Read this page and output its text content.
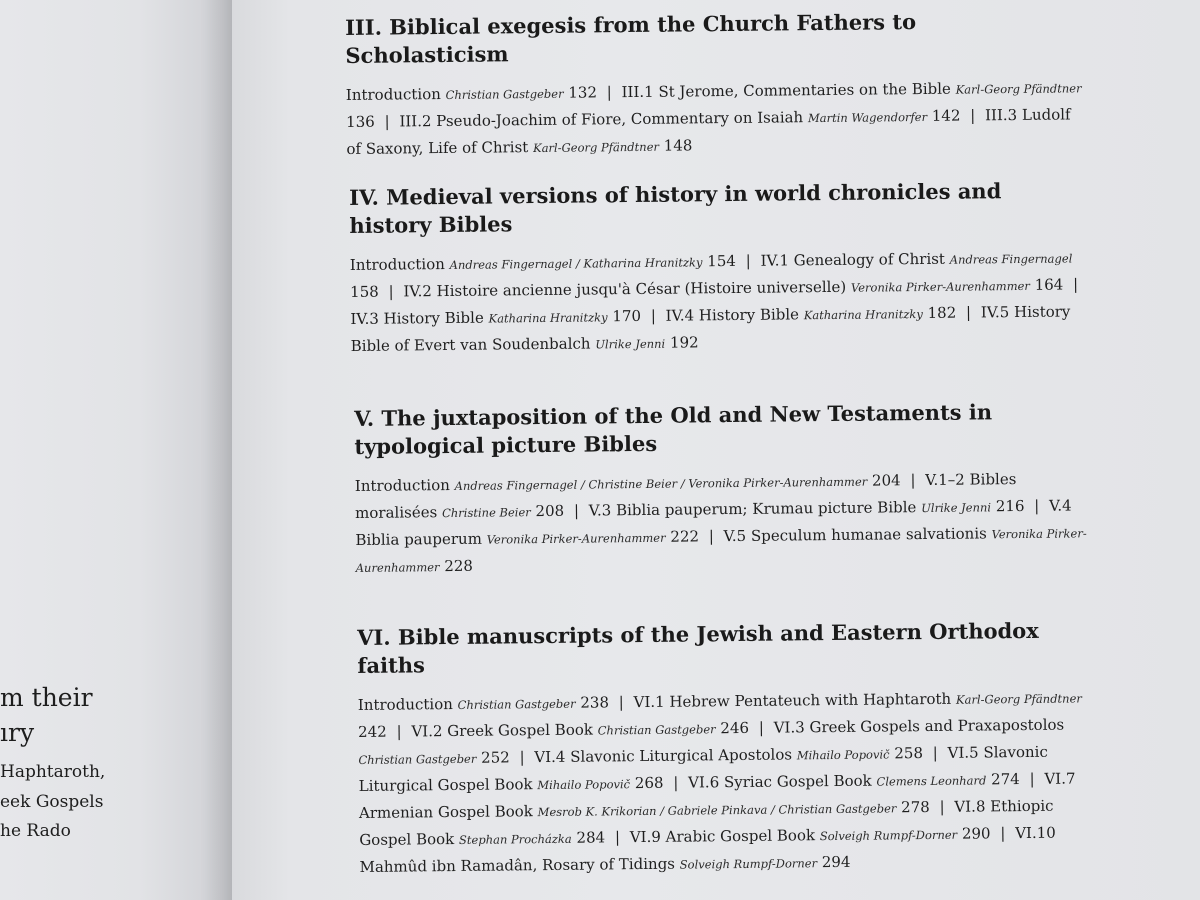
m their
ıry
Haphtaroth,
eek Gospels
he Rado
III. Biblical exegesis from the Church Fathers to Scholasticism
Introduction Christian Gastgeber 132 | III.1 St Jerome, Commentaries on the Bible Karl-Georg Pfändtner 136 | III.2 Pseudo-Joachim of Fiore, Commentary on Isaiah Martin Wagendorfer 142 | III.3 Ludolf of Saxony, Life of Christ Karl-Georg Pfändtner 148
IV. Medieval versions of history in world chronicles and history Bibles
Introduction Andreas Fingernagel / Katharina Hranitzky 154 | IV.1 Genealogy of Christ Andreas Fingernagel 158 | IV.2 Histoire ancienne jusqu'à César (Histoire universelle) Veronika Pirker-Aurenhammer 164 | IV.3 History Bible Katharina Hranitzky 170 | IV.4 History Bible Katharina Hranitzky 182 | IV.5 History Bible of Evert van Soudenbalch Ulrike Jenni 192
V. The juxtaposition of the Old and New Testaments in typological picture Bibles
Introduction Andreas Fingernagel / Christine Beier / Veronika Pirker-Aurenhammer 204 | V.1–2 Bibles moralisées Christine Beier 208 | V.3 Biblia pauperum; Krumau picture Bible Ulrike Jenni 216 | V.4 Biblia pauperum Veronika Pirker-Aurenhammer 222 | V.5 Speculum humanae salvationis Veronika Pirker-Aurenhammer 228
VI. Bible manuscripts of the Jewish and Eastern Orthodox faiths
Introduction Christian Gastgeber 238 | VI.1 Hebrew Pentateuch with Haphtaroth Karl-Georg Pfändtner 242 | VI.2 Greek Gospel Book Christian Gastgeber 246 | VI.3 Greek Gospels and Praxapostolos Christian Gastgeber 252 | VI.4 Slavonic Liturgical Apostolos Mihailo Popovič 258 | VI.5 Slavonic Liturgical Gospel Book Mihailo Popovič 268 | VI.6 Syriac Gospel Book Clemens Leonhard 274 | VI.7 Armenian Gospel Book Mesrob K. Krikorian / Gabriele Pinkava / Christian Gastgeber 278 | VI.8 Ethiopic Gospel Book Stephan Procházka 284 | VI.9 Arabic Gospel Book Solveigh Rumpf-Dorner 290 | VI.10 Mahmûd ibn Ramadân, Rosary of Tidings Solveigh Rumpf-Dorner 294
